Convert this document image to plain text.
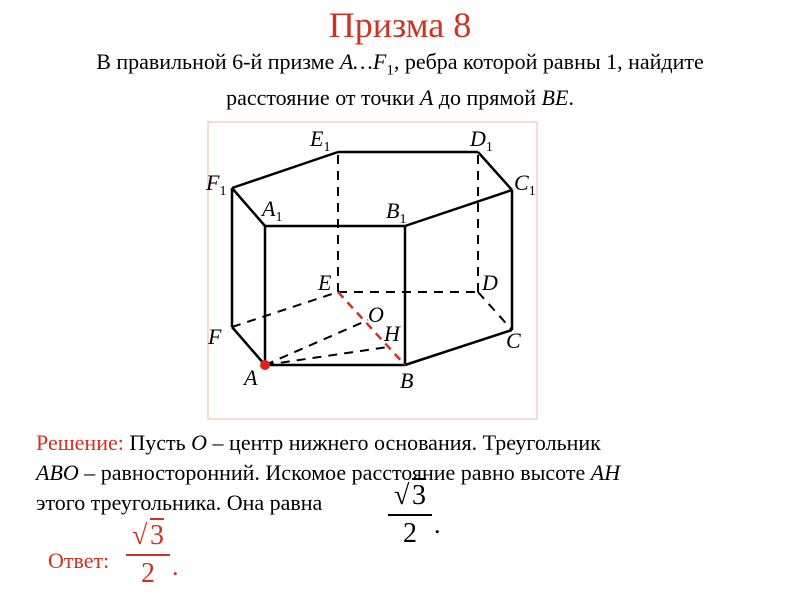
Призма 8
В правильной 6-й призме $A\dots F_1$, ребра которой равны 1, найдите
расстояние от точки A до прямой BE.
$E_1$	$D_1$
$F_1$	$C_1$
$A_1$	$B_1$
E	D
O
H
F	C
A	B
Решение: Пусть O – центр нижнего основания. Треугольник
ABO – равносторонний. Искомое расстояние равно высоте AH
этого треугольника. Она равна	√ 3
2 .
Ответ:
√ 3
2 .
